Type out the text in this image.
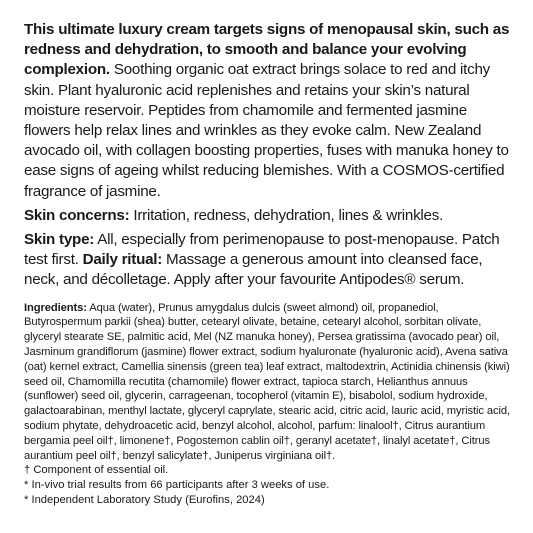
This ultimate luxury cream targets signs of menopausal skin, such as redness and dehydration, to smooth and balance your evolving complexion. Soothing organic oat extract brings solace to red and itchy skin. Plant hyaluronic acid replenishes and retains your skin’s natural moisture reservoir. Peptides from chamomile and fermented jasmine flowers help relax lines and wrinkles as they evoke calm. New Zealand avocado oil, with collagen boosting properties, fuses with manuka honey to ease signs of ageing whilst reducing blemishes. With a COSMOS-certified fragrance of jasmine.

Skin concerns: Irritation, redness, dehydration, lines & wrinkles.

Skin type: All, especially from perimenopause to post-menopause. Patch test first. Daily ritual: Massage a generous amount into cleansed face, neck, and décolletage. Apply after your favourite Antipodes® serum.

Ingredients: Aqua (water), Prunus amygdalus dulcis (sweet almond) oil, propanediol, Butyrospermum parkii (shea) butter, cetearyl olivate, betaine, cetearyl alcohol, sorbitan olivate, glyceryl stearate SE, palmitic acid, Mel (NZ manuka honey), Persea gratissima (avocado pear) oil, Jasminum grandiflorum (jasmine) flower extract, sodium hyaluronate (hyaluronic acid), Avena sativa (oat) kernel extract, Camellia sinensis (green tea) leaf extract, maltodextrin, Actinidia chinensis (kiwi) seed oil, Chamomilla recutita (chamomile) flower extract, tapioca starch, Helianthus annuus (sunflower) seed oil, glycerin, carrageenan, tocopherol (vitamin E), bisabolol, sodium hydroxide, galactoarabinan, menthyl lactate, glyceryl caprylate, stearic acid, citric acid, lauric acid, myristic acid, sodium phytate, dehydroacetic acid, benzyl alcohol, alcohol, parfum: linalool†, Citrus aurantium bergamia peel oil†, limonene†, Pogostemon cablin oil†, geranyl acetate†, linalyl acetate†, Citrus aurantium peel oil†, benzyl salicylate†, Juniperus virginiana oil†.

† Component of essential oil.
* In-vivo trial results from 66 participants after 3 weeks of use.
* Independent Laboratory Study (Eurofins, 2024)
